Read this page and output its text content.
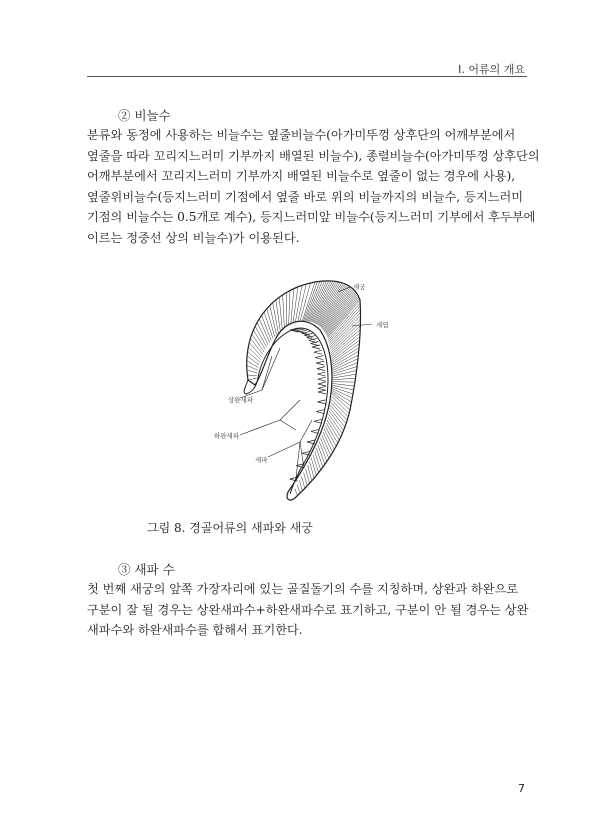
I. 어류의 개요
② 비늘수

분류와 동정에 사용하는 비늘수는 옆줄비늘수(아가미뚜껑 상후단의 어깨부분에서
옆줄을 따라 꼬리지느러미 기부까지 배열된 비늘수), 종렬비늘수(아가미뚜껑 상후단의
어깨부분에서 꼬리지느러미 기부까지 배열된 비늘수로 옆줄이 없는 경우에 사용),
옆줄위비늘수(등지느러미 기점에서 옆줄 바로 위의 비늘까지의 비늘수, 등지느러미
기점의 비늘수는 0.5개로 계수), 등지느러미앞 비늘수(등지느러미 기부에서 후두부에
이르는 정중선 상의 비늘수)가 이용된다.

새궁
새엽
상완새파
하완새파
새파
그림 8. 경골어류의 새파와 새궁
③ 새파 수

첫 번째 새궁의 앞쪽 가장자리에 있는 골질돌기의 수를 지칭하며, 상완과 하완으로
구분이 잘 될 경우는 상완새파수+하완새파수로 표기하고, 구분이 안 될 경우는 상완
새파수와 하완새파수를 합해서 표기한다.

7
